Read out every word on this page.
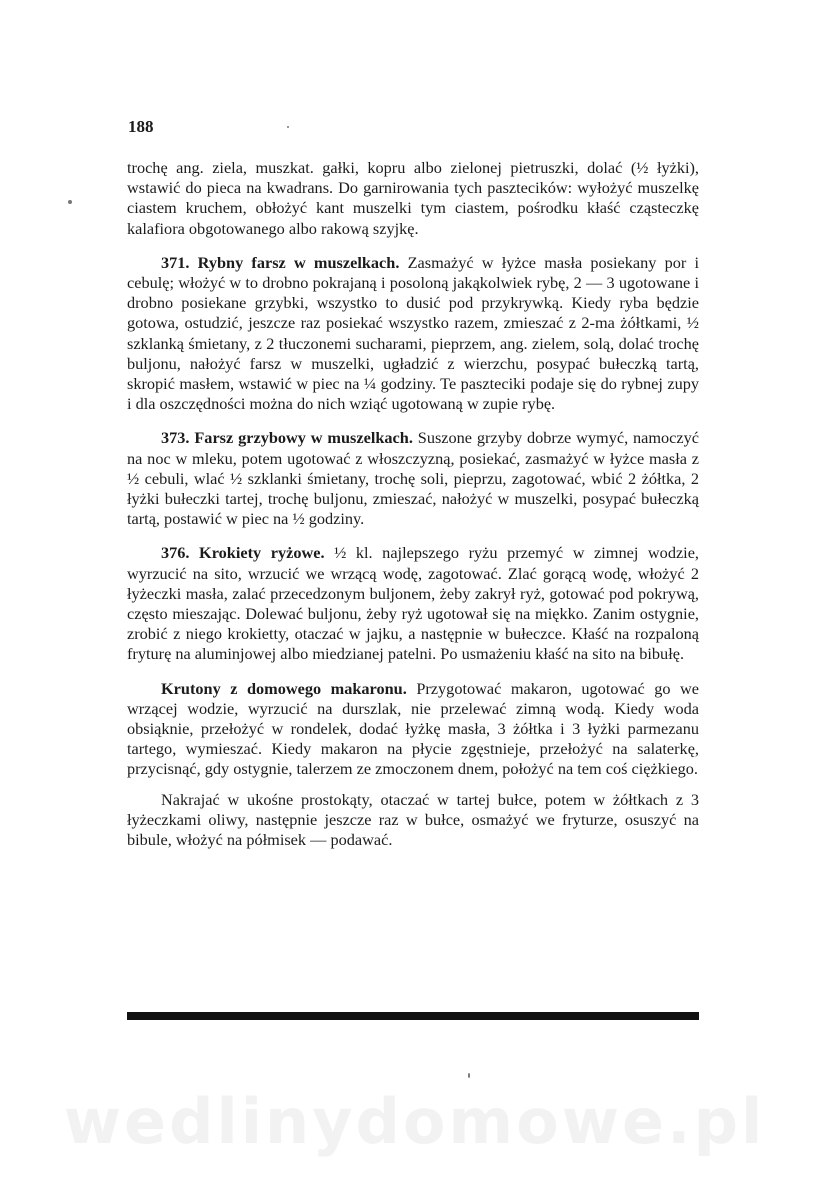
188

trochę ang. ziela, muszkat. gałki, kopru albo zielonej pietruszki, dolać (½ łyżki), wstawić do pieca na kwadrans. Do garnirowania tych pasztecików: wyłożyć muszelkę ciastem kruchem, obłożyć kant muszelki tym ciastem, pośrodku kłaść cząsteczkę kalafiora obgotowanego albo rakową szyjkę.

371. Rybny farsz w muszelkach. Zasmażyć w łyżce masła posiekany por i cebulę; włożyć w to drobno pokrajaną i posoloną jakąkolwiek rybę, 2 — 3 ugotowane i drobno posiekane grzybki, wszystko to dusić pod przykrywką. Kiedy ryba będzie gotowa, ostudzić, jeszcze raz posiekać wszystko razem, zmieszać z 2-ma żółtkami, ½ szklanką śmietany, z 2 tłuczonemi sucharami, pieprzem, ang. zielem, solą, dolać trochę buljonu, nałożyć farsz w muszelki, ugładzić z wierzchu, posypać bułeczką tartą, skropić masłem, wstawić w piec na ¼ godziny. Te paszteciki podaje się do rybnej zupy i dla oszczędności można do nich wziąć ugotowaną w zupie rybę.

373. Farsz grzybowy w muszelkach. Suszone grzyby dobrze wymyć, namoczyć na noc w mleku, potem ugotować z włoszczyzną, posiekać, zasmażyć w łyżce masła z ½ cebuli, wlać ½ szklanki śmietany, trochę soli, pieprzu, zagotować, wbić 2 żółtka, 2 łyżki bułeczki tartej, trochę buljonu, zmieszać, nałożyć w muszelki, posypać bułeczką tartą, postawić w piec na ½ godziny.

376. Krokiety ryżowe. ½ kl. najlepszego ryżu przemyć w zimnej wodzie, wyrzucić na sito, wrzucić we wrzącą wodę, zagotować. Zlać gorącą wodę, włożyć 2 łyżeczki masła, zalać przecedzonym buljonem, żeby zakrył ryż, gotować pod pokrywą, często mieszając. Dolewać buljonu, żeby ryż ugotował się na miękko. Zanim ostygnie, zrobić z niego krokietty, otaczać w jajku, a następnie w bułeczce. Kłaść na rozpaloną fryturę na aluminjowej albo miedzianej patelni. Po usmażeniu kłaść na sito na bibułę.

Krutony z domowego makaronu. Przygotować makaron, ugotować go we wrzącej wodzie, wyrzucić na durszlak, nie przelewać zimną wodą. Kiedy woda obsiąknie, przełożyć w rondelek, dodać łyżkę masła, 3 żółtka i 3 łyżki parmezanu tartego, wymieszać. Kiedy makaron na płycie zgęstnieje, przełożyć na salaterkę, przycisnąć, gdy ostygnie, talerzem ze zmoczonem dnem, położyć na tem coś ciężkiego.

Nakrajać w ukośne prostokąty, otaczać w tartej bułce, potem w żółtkach z 3 łyżeczkami oliwy, następnie jeszcze raz w bułce, osmażyć we fryturze, osuszyć na bibule, włożyć na półmisek — podawać.

wedlinydomowe.pl
